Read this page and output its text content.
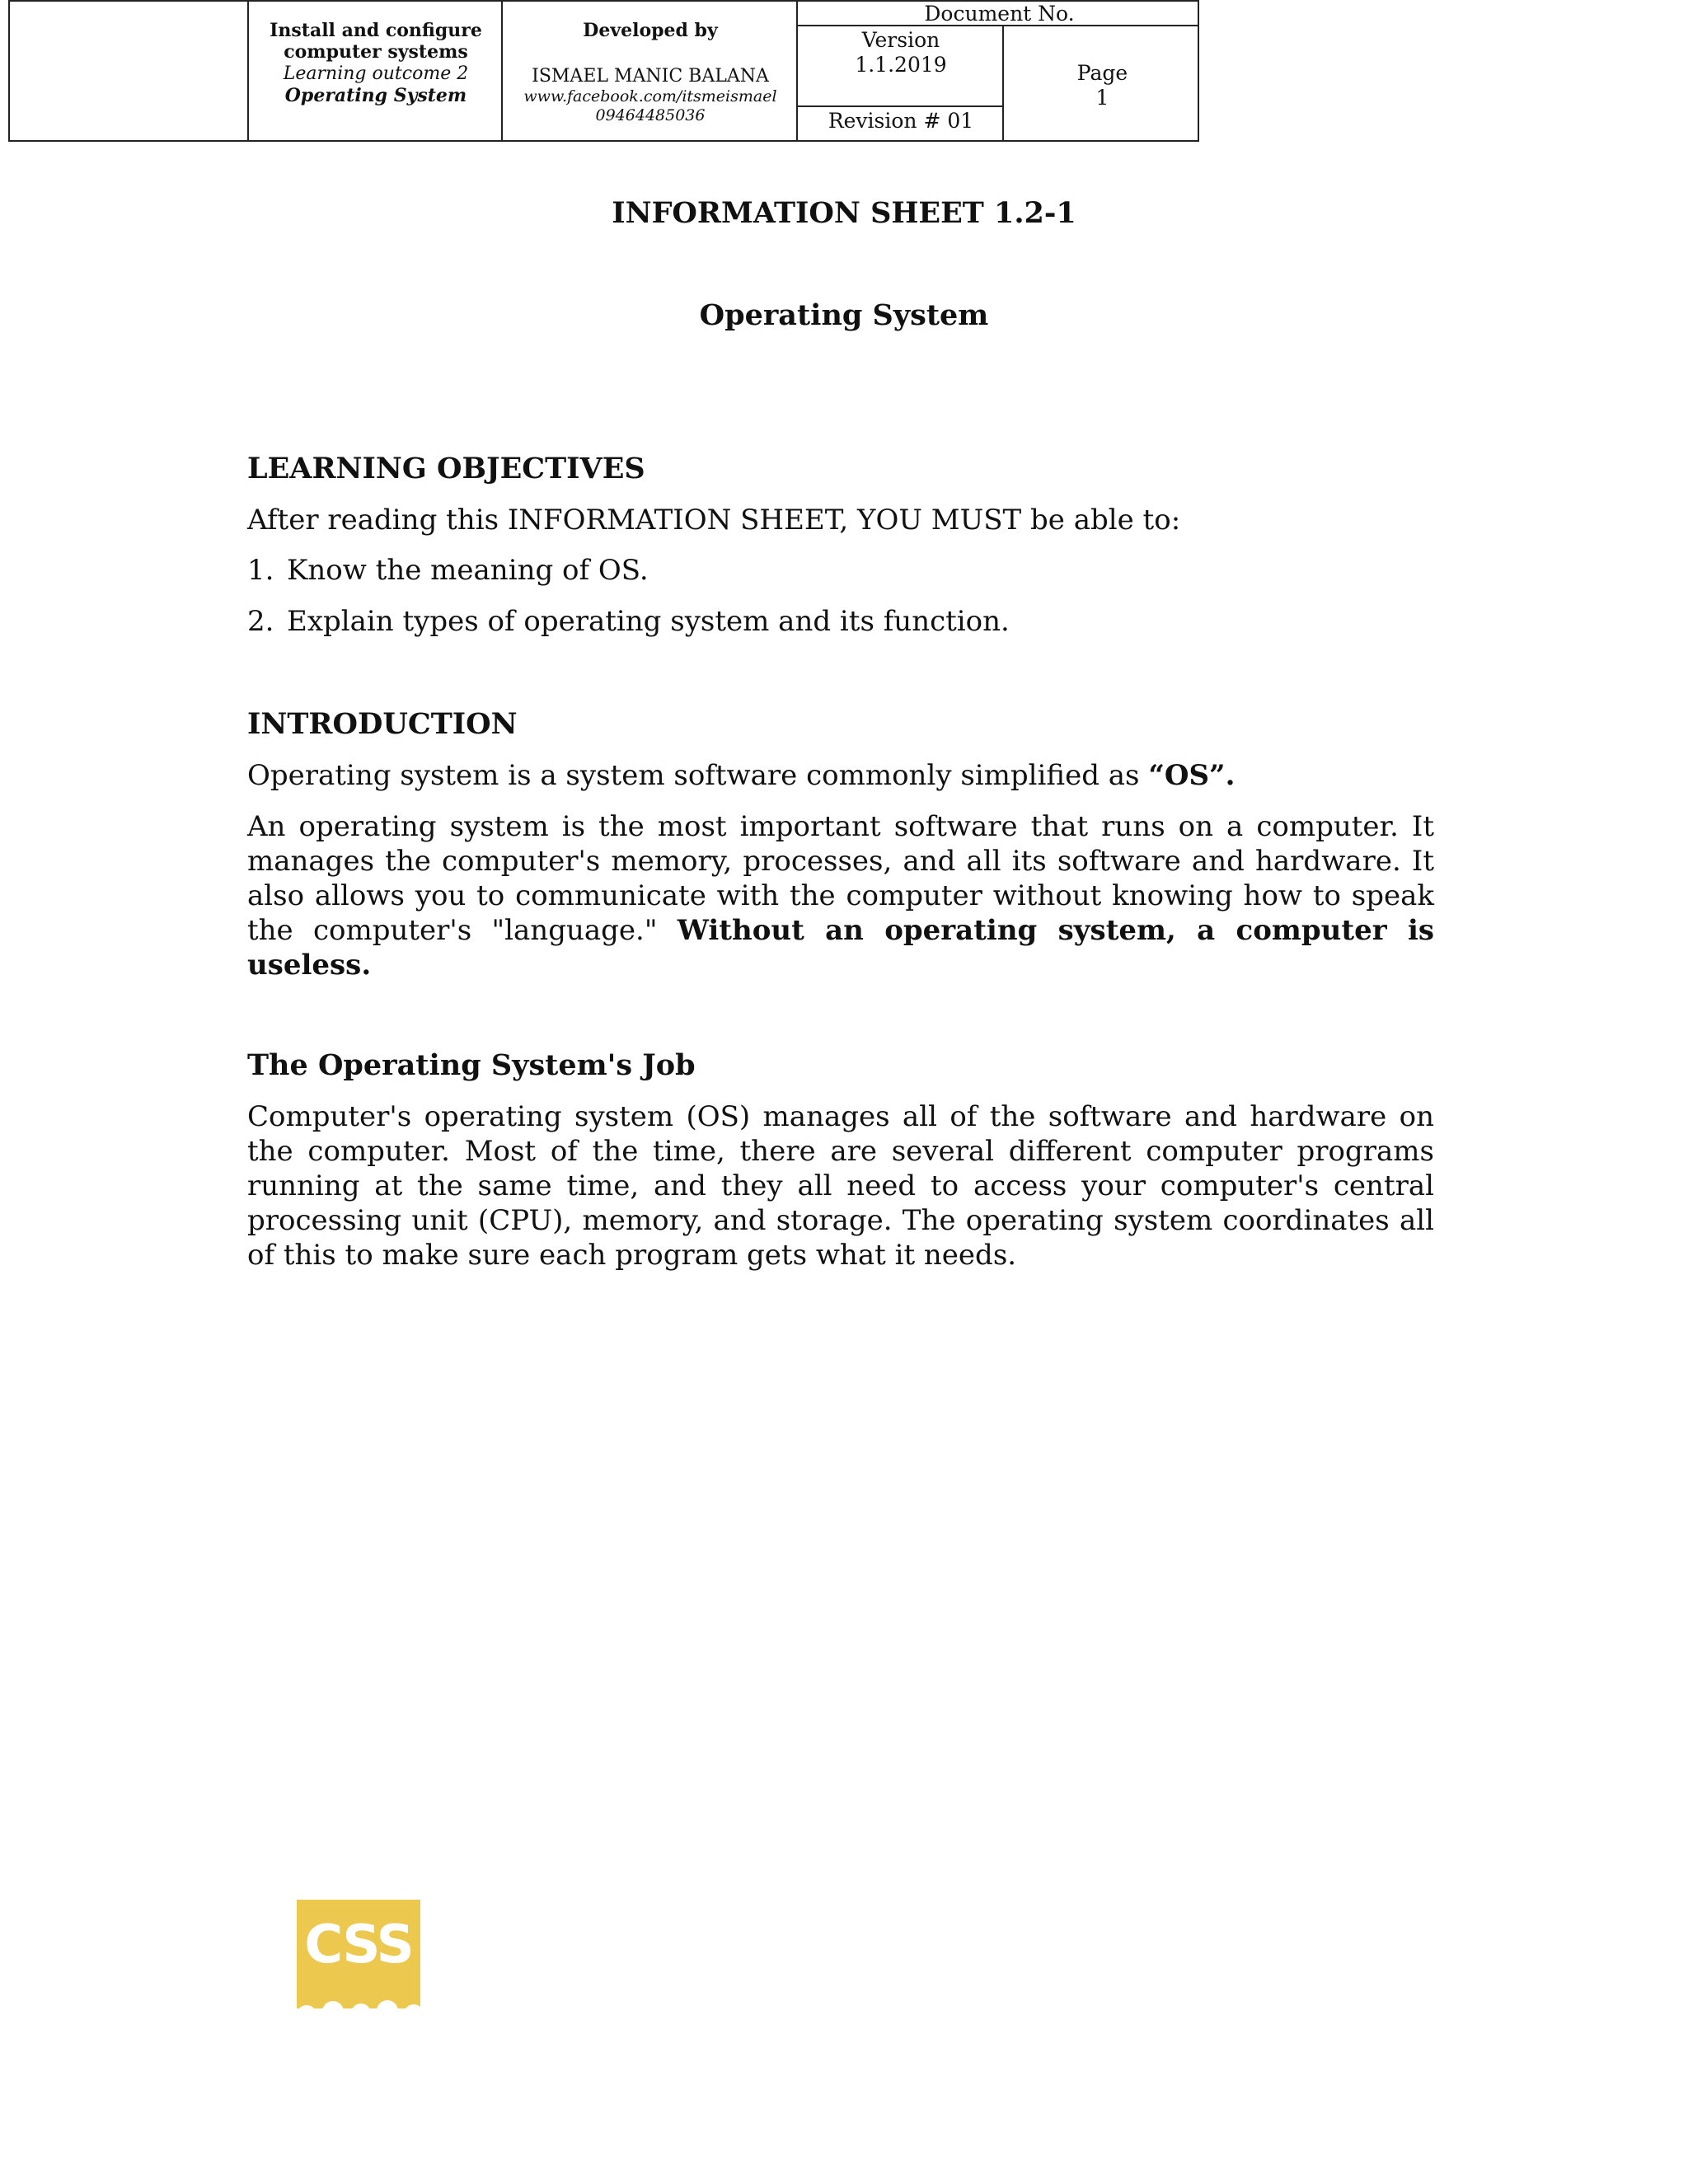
Install and configure
computer systems
Learning outcome 2
Operating System
Developed by
ISMAEL MANIC BALANA
www.facebook.com/itsmeismael
09464485036
Document No.
Version
1.1.2019
Revision # 01
Page
1
INFORMATION SHEET 1.2-1
Operating System
LEARNING OBJECTIVES

After reading this INFORMATION SHEET, YOU MUST be able to:

1. Know the meaning of OS.
2. Explain types of operating system and its function.
INTRODUCTION

Operating system is a system software commonly simplified as “OS”.

An operating system is the most important software that runs on a computer. It manages the computer's memory, processes, and all its software and hardware. It also allows you to communicate with the computer without knowing how to speak the computer's "language." Without an operating system, a computer is useless.

The Operating System's Job

Computer's operating system (OS) manages all of the software and hardware on the computer. Most of the time, there are several different computer programs running at the same time, and they all need to access your computer's central processing unit (CPU), memory, and storage. The operating system coordinates all of this to make sure each program gets what it needs.

CSS
